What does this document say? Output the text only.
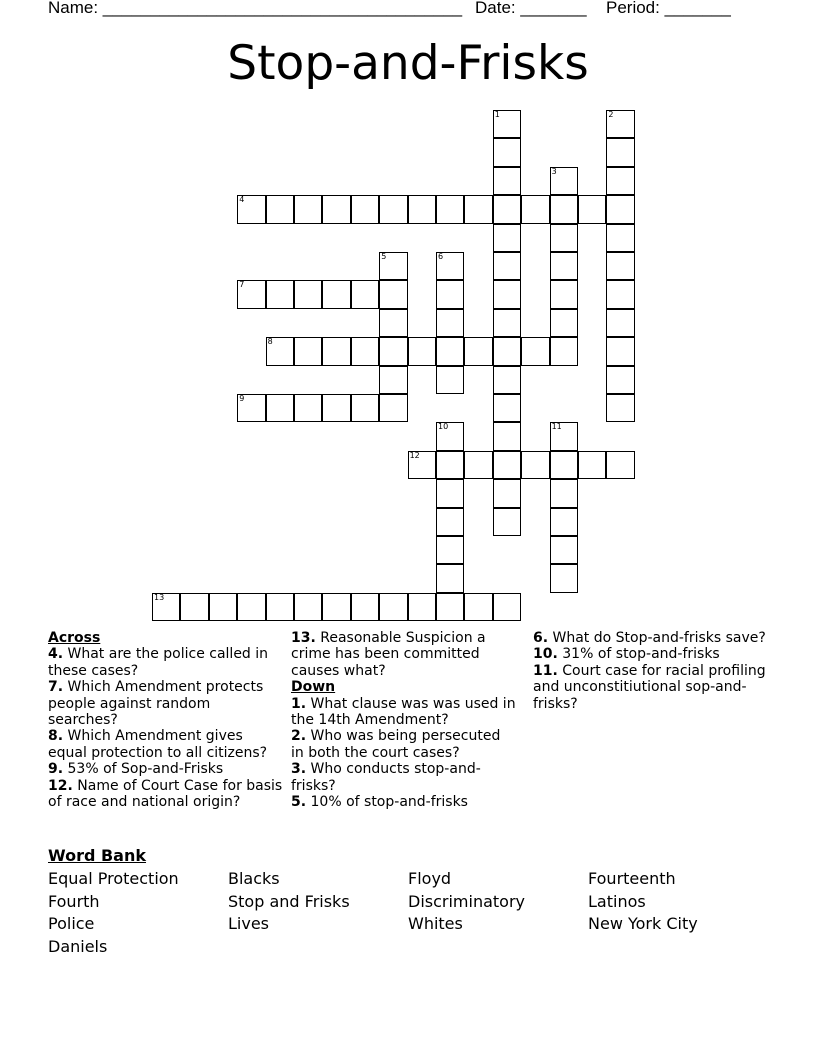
Name: ______________________________________ Date: _______ Period: _______
Stop-and-Frisks
1	2
3
4
5	6
7
8
9
10	11
12
13
Across
4. What are the police called in these cases?
7. Which Amendment protects people against random searches?
8. Which Amendment gives equal protection to all citizens?
9. 53% of Sop-and-Frisks
12. Name of Court Case for basis of race and national origin?
13. Reasonable Suspicion a crime has been committed causes what?
Down
1. What clause was was used in the 14th Amendment?
2. Who was being persecuted in both the court cases?
3. Who conducts stop-and-frisks?
5. 10% of stop-and-frisks
6. What do Stop-and-frisks save?
10. 31% of stop-and-frisks
11. Court case for racial profiling and unconstitiutional sop-and-frisks?
Word Bank
Equal Protection	Blacks	Floyd	Fourteenth
Fourth	Stop and Frisks	Discriminatory	Latinos
Police	Lives	Whites	New York City
Daniels
